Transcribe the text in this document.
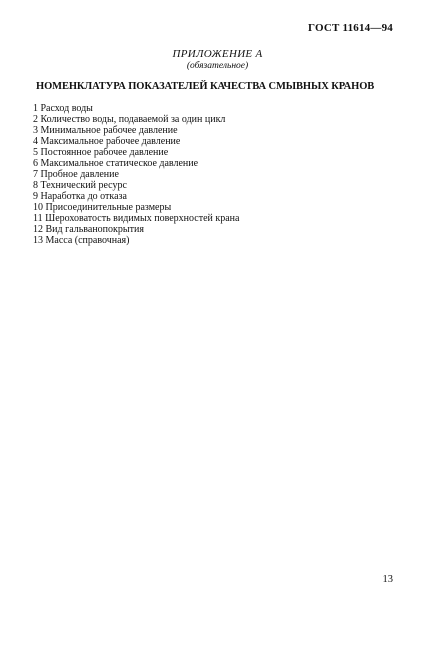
ГОСТ 11614—94
ПРИЛОЖЕНИЕ А
(обязательное)
НОМЕНКЛАТУРА ПОКАЗАТЕЛЕЙ КАЧЕСТВА СМЫВНЫХ КРАНОВ
1 Расход воды
2 Количество воды, подаваемой за один цикл
3 Минимальное рабочее давление
4 Максимальное рабочее давление
5 Постоянное рабочее давление
6 Максимальное статическое давление
7 Пробное давление
8 Технический ресурс
9 Наработка до отказа
10 Присоединительные размеры
11 Шероховатость видимых поверхностей крана
12 Вид гальванопокрытия
13 Масса (справочная)
13
